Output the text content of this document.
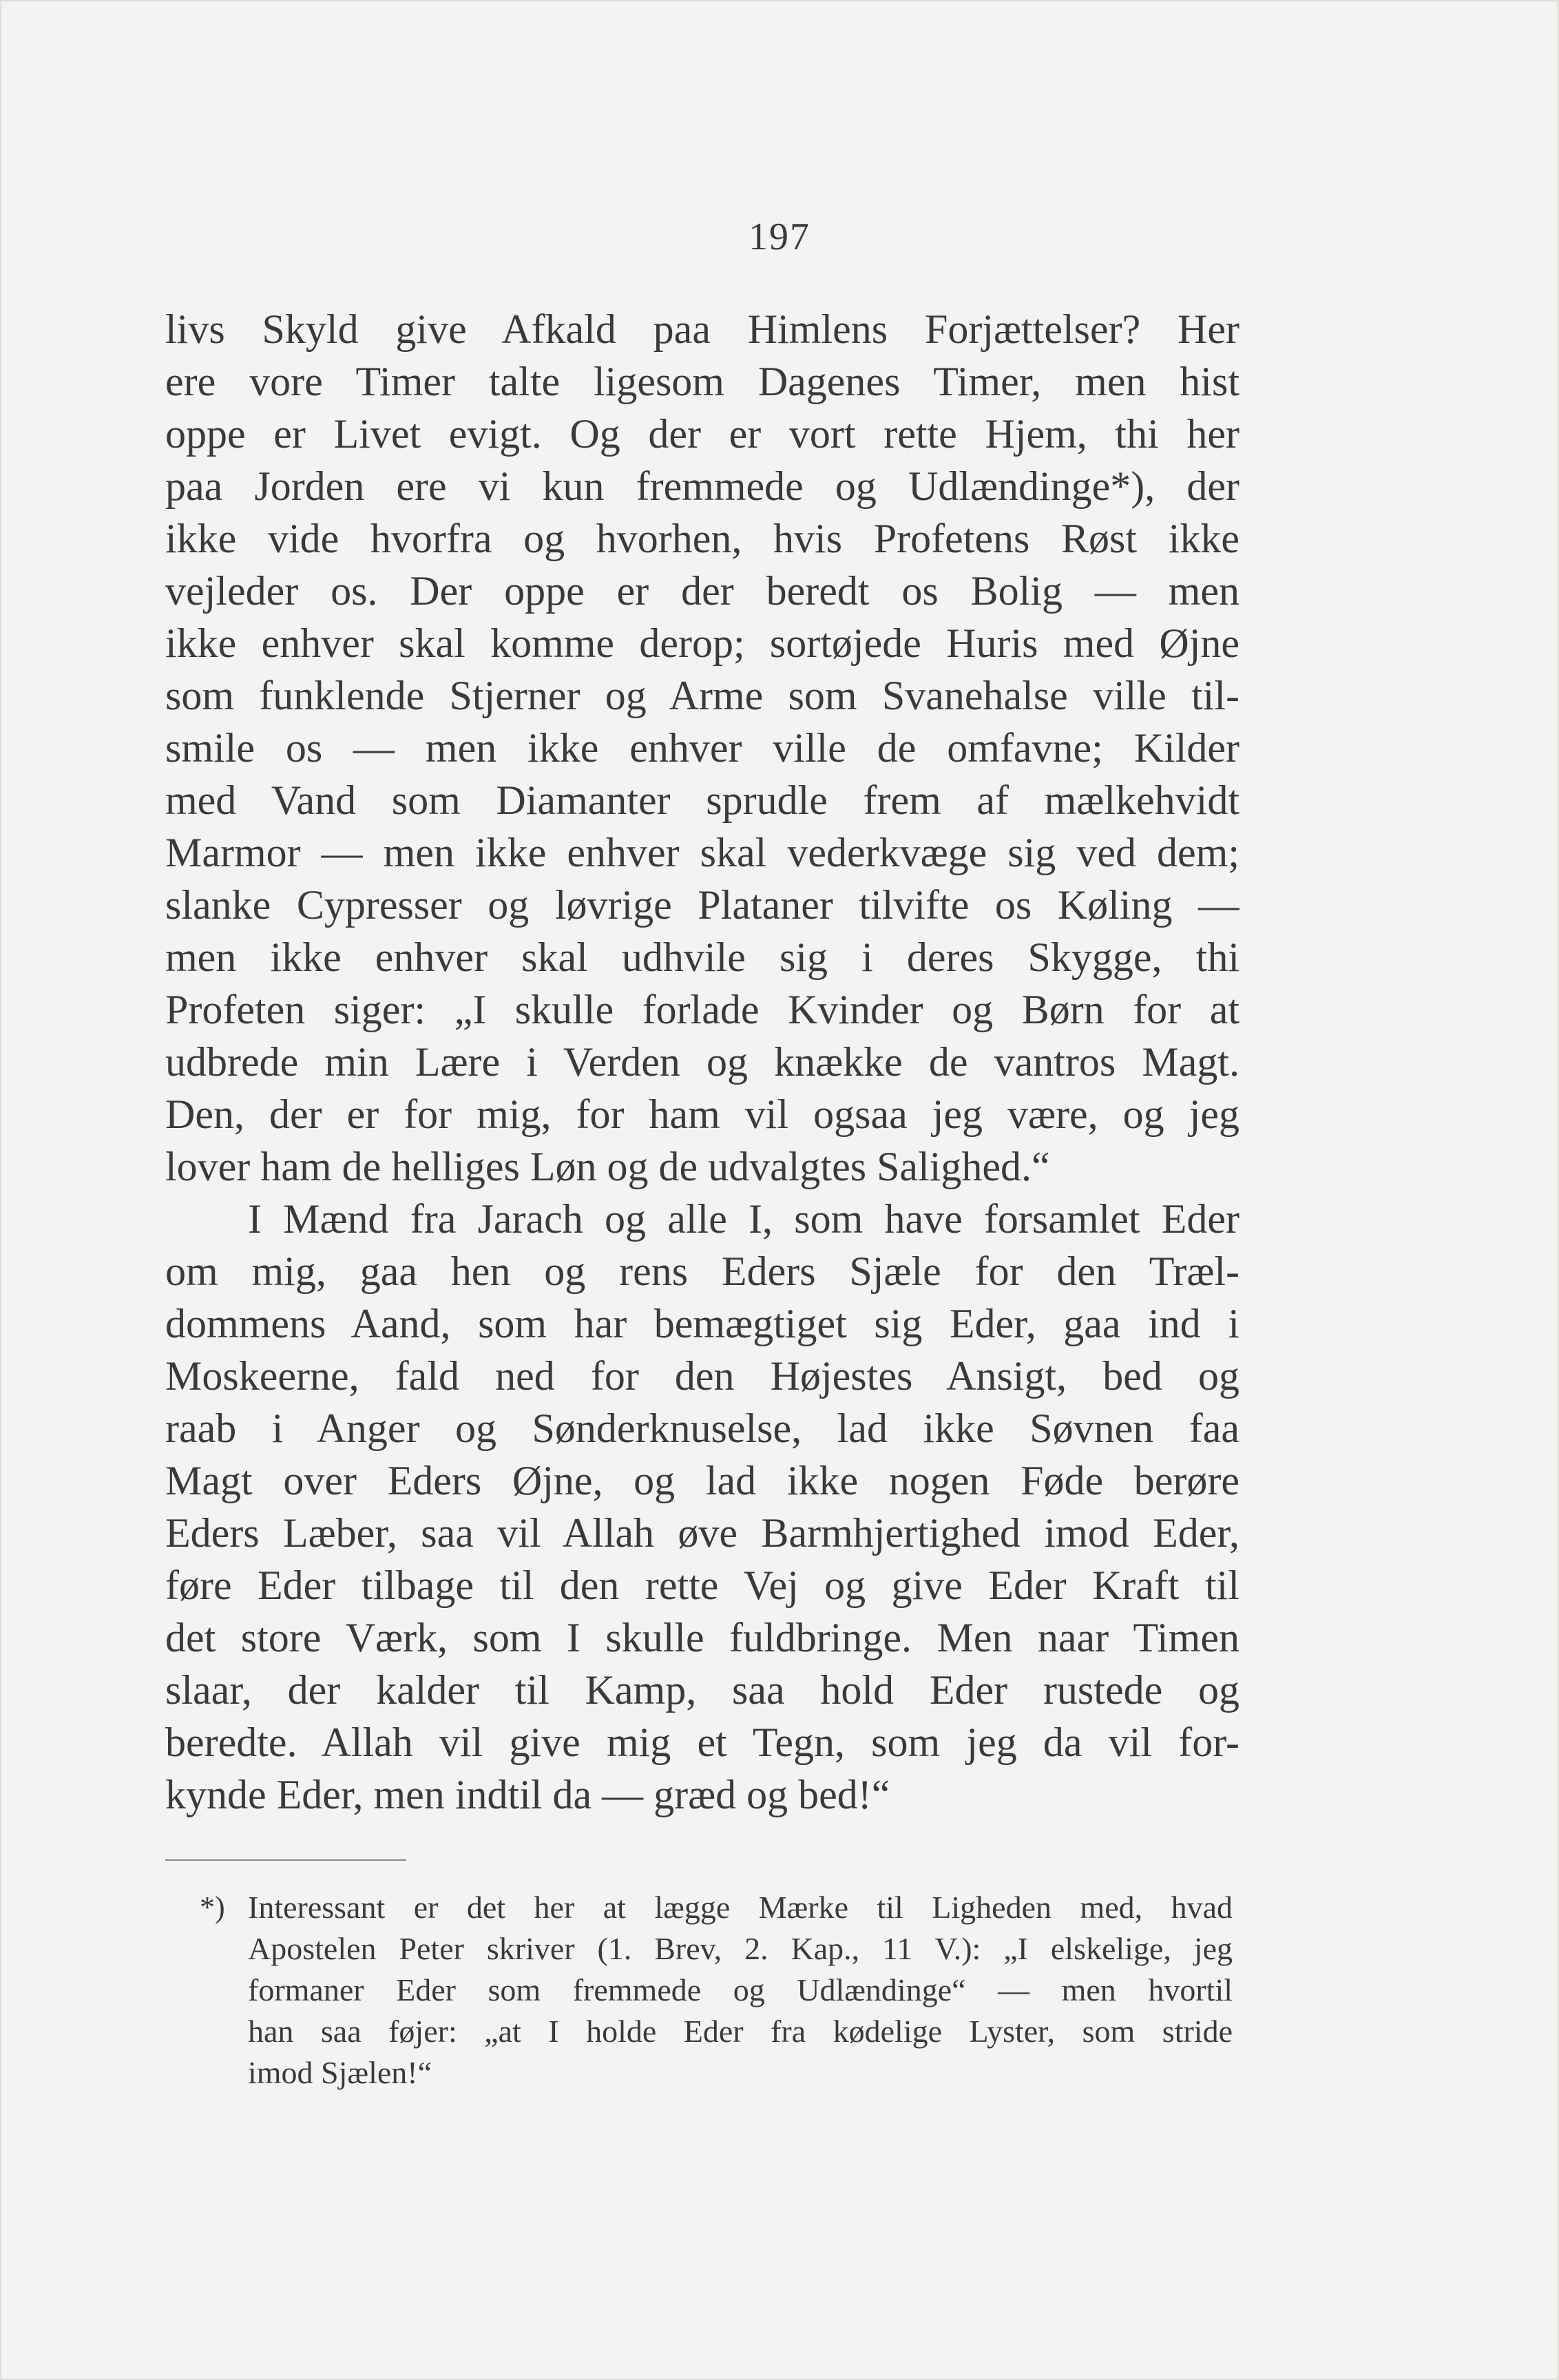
197
livs Skyld give Afkald paa Himlens Forjættelser? Her
ere vore Timer talte ligesom Dagenes Timer, men hist
oppe er Livet evigt. Og der er vort rette Hjem, thi her
paa Jorden ere vi kun fremmede og Udlændinge*), der
ikke vide hvorfra og hvorhen, hvis Profetens Røst ikke
vejleder os. Der oppe er der beredt os Bolig — men
ikke enhver skal komme derop; sortøjede Huris med Øjne
som funklende Stjerner og Arme som Svanehalse ville til-
smile os — men ikke enhver ville de omfavne; Kilder
med Vand som Diamanter sprudle frem af mælkehvidt
Marmor — men ikke enhver skal vederkvæge sig ved dem;
slanke Cypresser og løvrige Plataner tilvifte os Køling —
men ikke enhver skal udhvile sig i deres Skygge, thi
Profeten siger: „I skulle forlade Kvinder og Børn for at
udbrede min Lære i Verden og knække de vantros Magt.
Den, der er for mig, for ham vil ogsaa jeg være, og jeg
lover ham de helliges Løn og de udvalgtes Salighed.“
I Mænd fra Jarach og alle I, som have forsamlet Eder
om mig, gaa hen og rens Eders Sjæle for den Træl-
dommens Aand, som har bemægtiget sig Eder, gaa ind i
Moskeerne, fald ned for den Højestes Ansigt, bed og
raab i Anger og Sønderknuselse, lad ikke Søvnen faa
Magt over Eders Øjne, og lad ikke nogen Føde berøre
Eders Læber, saa vil Allah øve Barmhjertighed imod Eder,
føre Eder tilbage til den rette Vej og give Eder Kraft til
det store Værk, som I skulle fuldbringe. Men naar Timen
slaar, der kalder til Kamp, saa hold Eder rustede og
beredte. Allah vil give mig et Tegn, som jeg da vil for-
kynde Eder, men indtil da — græd og bed!“
*) Interessant er det her at lægge Mærke til Ligheden med, hvad
Apostelen Peter skriver (1. Brev, 2. Kap., 11 V.): „I elskelige, jeg
formaner Eder som fremmede og Udlændinge“ — men hvortil
han saa føjer: „at I holde Eder fra kødelige Lyster, som stride
imod Sjælen!“
